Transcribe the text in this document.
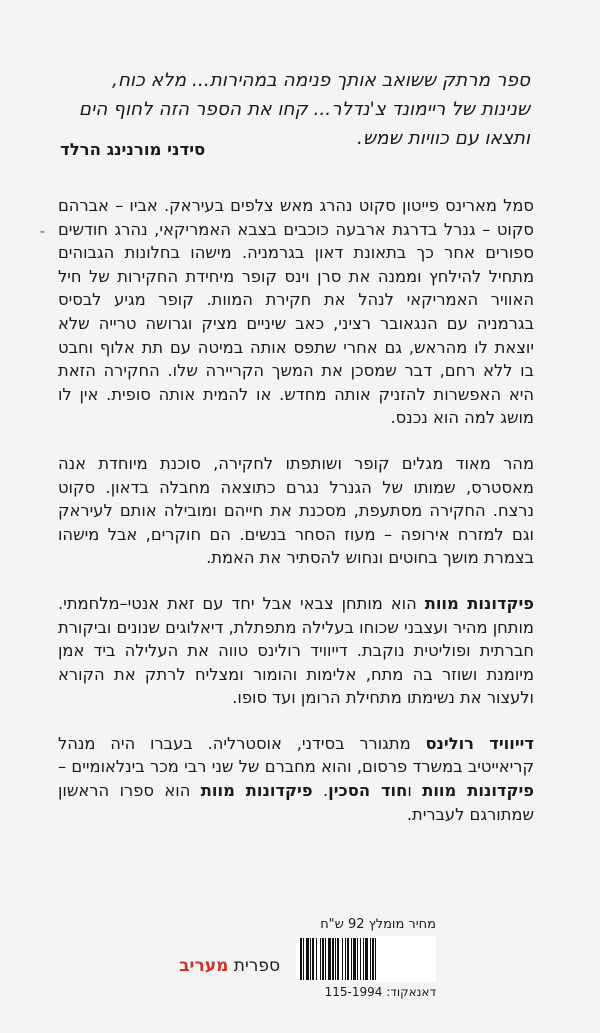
ספר מרתק ששואב אותך פנימה במהירות... מלא כוח, שנינות של ריימונד צ'נדלר... קחו את הספר הזה לחוף הים ותצאו עם כוויות שמש.
סידני מורנינג הרלד
-

סמל מארינס פייטון סקוט נהרג מאש צלפים בעיראק. אביו – אברהם סקוט – גנרל בדרגת ארבעה כוכבים בצבא האמריקאי, נהרג חודשים ספורים אחר כך בתאונת דאון בגרמניה. מישהו בחלונות הגבוהים מתחיל להילחץ וממנה את סרן וינס קופר מיחידת החקירות של חיל האוויר האמריקאי לנהל את חקירת המוות. קופר מגיע לבסיס בגרמניה עם הנגאובר רציני, כאב שיניים מציק וגרושה טרייה שלא יוצאת לו מהראש, גם אחרי שתפס אותה במיטה עם תת אלוף וחבט בו ללא רחם, דבר שמסכן את המשך הקריירה שלו. החקירה הזאת היא האפשרות להזניק אותה מחדש. או להמית אותה סופית. אין לו מושג למה הוא נכנס.

מהר מאוד מגלים קופר ושותפתו לחקירה, סוכנת מיוחדת אנה מאסטרס, שמותו של הגנרל נגרם כתוצאה מחבלה בדאון. סקוט נרצח. החקירה מסתעפת, מסכנת את חייהם ומובילה אותם לעיראק וגם למזרח אירופה – מעוז הסחר בנשים. הם חוקרים, אבל מישהו בצמרת מושך בחוטים ונחוש להסתיר את האמת.

פיקדונות מוות הוא מותחן צבאי אבל יחד עם זאת אנטי–מלחמתי. מותחן מהיר ועצבני שכוחו בעלילה מתפתלת, דיאלוגים שנונים וביקורת חברתית ופוליטית נוקבת. דייוויד רולינס טווה את העלילה ביד אמן מיומנת ושוזר בה מתח, אלימות והומור ומצליח לרתק את הקורא ולעצור את נשימתו מתחילת הרומן ועד סופו.

דייוויד רולינס מתגורר בסידני, אוסטרליה. בעברו היה מנהל קריאייטיב במשרד פרסום, והוא מחברם של שני רבי מכר בינלאומיים – פיקדונות מוות וחוד הסכין. פיקדונות מוות הוא ספרו הראשון שמתורגם לעברית.

מחיר מומלץ 92 ש"ח
דאנאקוד: 115-1994
ספרית מעריב
